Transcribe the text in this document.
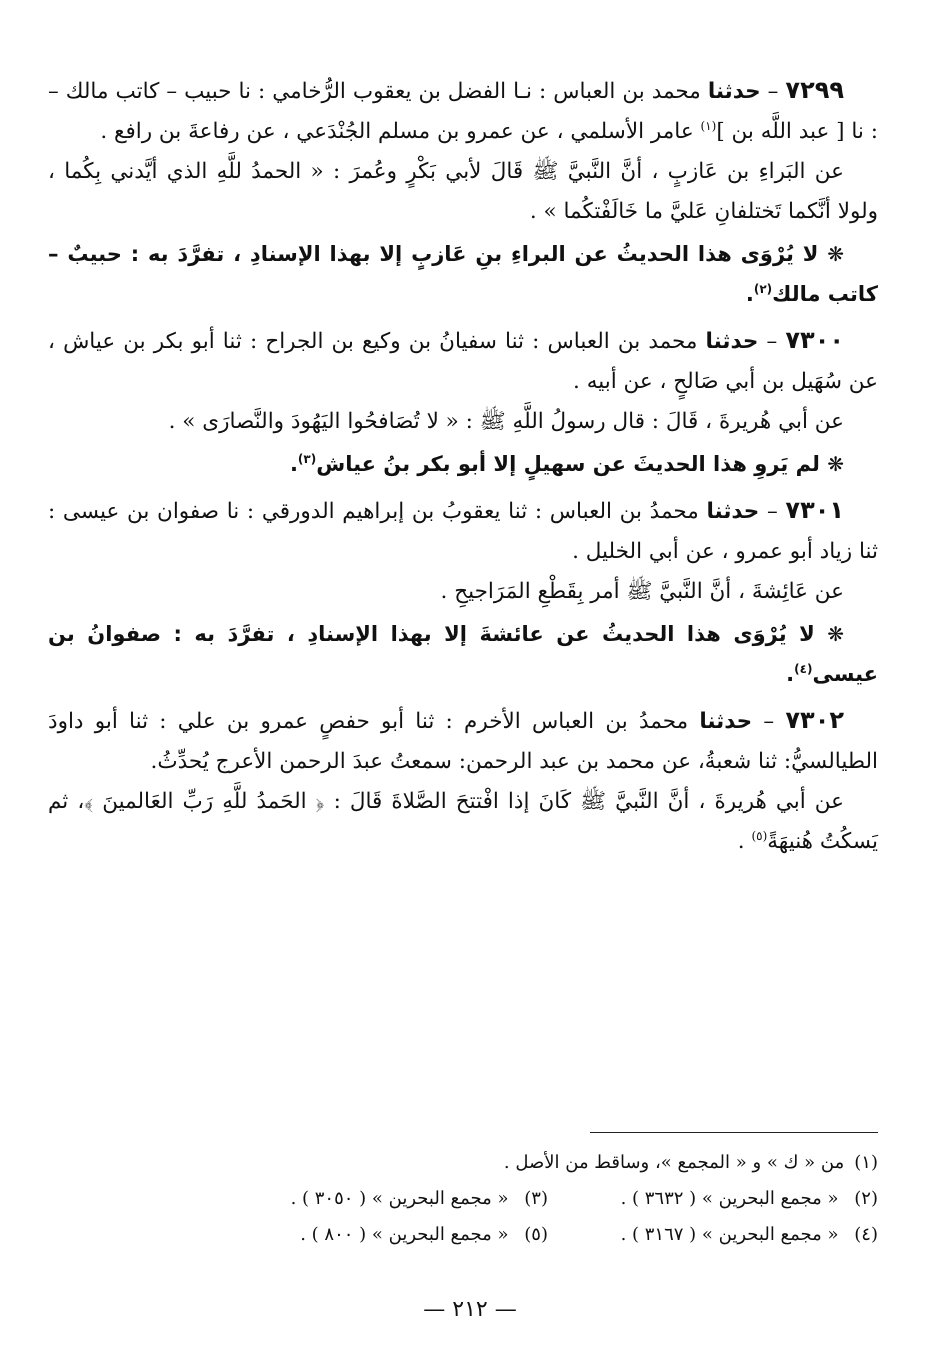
٧٢٩٩ – حدثنا محمد بن العباس : نـا الفضل بن يعقوب الرُّخامي : نا حبيب – كاتب مالك – : نا [ عبد اللَّه بن ]$^{(١)}$ عامر الأسلمي ، عن عمرو بن مسلم الجُنْدَعي ، عن رفاعةَ بن رافع .

عن البَراءِ بن عَازبٍ ، أنَّ النَّبيَّ ﷺ قَالَ لأبي بَكْرٍ وعُمرَ : « الحمدُ للَّهِ الذي أيَّدني بِكُما ، ولولا أنَّكما تَختلفانِ عَليَّ ما خَالَفْتكُما » .

❋ لا يُرْوَى هذا الحديثُ عن البراءِ بنِ عَازبٍ إلا بهذا الإسنادِ ، تفرَّدَ به : حبيبٌ – كاتب مالك$^{(٢)}$.

٧٣٠٠ – حدثنا محمد بن العباس : ثنا سفيانُ بن وكيع بن الجراح : ثنا أبو بكر بن عياش ، عن سُهَيل بن أبي صَالحٍ ، عن أبيه .

عن أبي هُريرةَ ، قَالَ : قال رسولُ اللَّهِ ﷺ : « لا تُصَافحُوا اليَهُودَ والنَّصارَى » .

❋ لم يَروِ هذا الحديثَ عن سهيلٍ إلا أبو بكر بنُ عياش$^{(٣)}$.

٧٣٠١ – حدثنا محمدُ بن العباس : ثنا يعقوبُ بن إبراهيم الدورقي : نا صفوان بن عيسى : ثنا زياد أبو عمرو ، عن أبي الخليل .

عن عَائِشةَ ، أنَّ النَّبيَّ ﷺ أمر بِقَطْعِ المَرَاجيحِ .

❋ لا يُرْوَى هذا الحديثُ عن عائشةَ إلا بهذا الإسنادِ ، تفرَّدَ به : صفوانُ بن عيسى$^{(٤)}$.

٧٣٠٢ – حدثنا محمدُ بن العباس الأخرم : ثنا أبو حفصٍ عمرو بن علي : ثنا أبو داودَ الطيالسيُّ: ثنا شعبةُ، عن محمد بن عبد الرحمن: سمعتُ عبدَ الرحمن الأعرج يُحدِّثُ.

عن أبي هُريرةَ ، أنَّ النَّبيَّ ﷺ كَانَ إذا افْتتحَ الصَّلاةَ قَالَ : ﴿ الحَمدُ للَّهِ رَبِّ العَالمينَ ﴾، ثم يَسكُتُ هُنيهَةً$^{(٥)}$ .

(١)
من « ك » و « المجمع »، وساقط من الأصل .
(٢) « مجمع البحرين » ( ٣٦٣٢ ) .
(٣) « مجمع البحرين » ( ٣٠٥٠ ) .
(٤) « مجمع البحرين » ( ٣١٦٧ ) .
(٥) « مجمع البحرين » ( ٨٠٠ ) .
— ٢١٢ —
